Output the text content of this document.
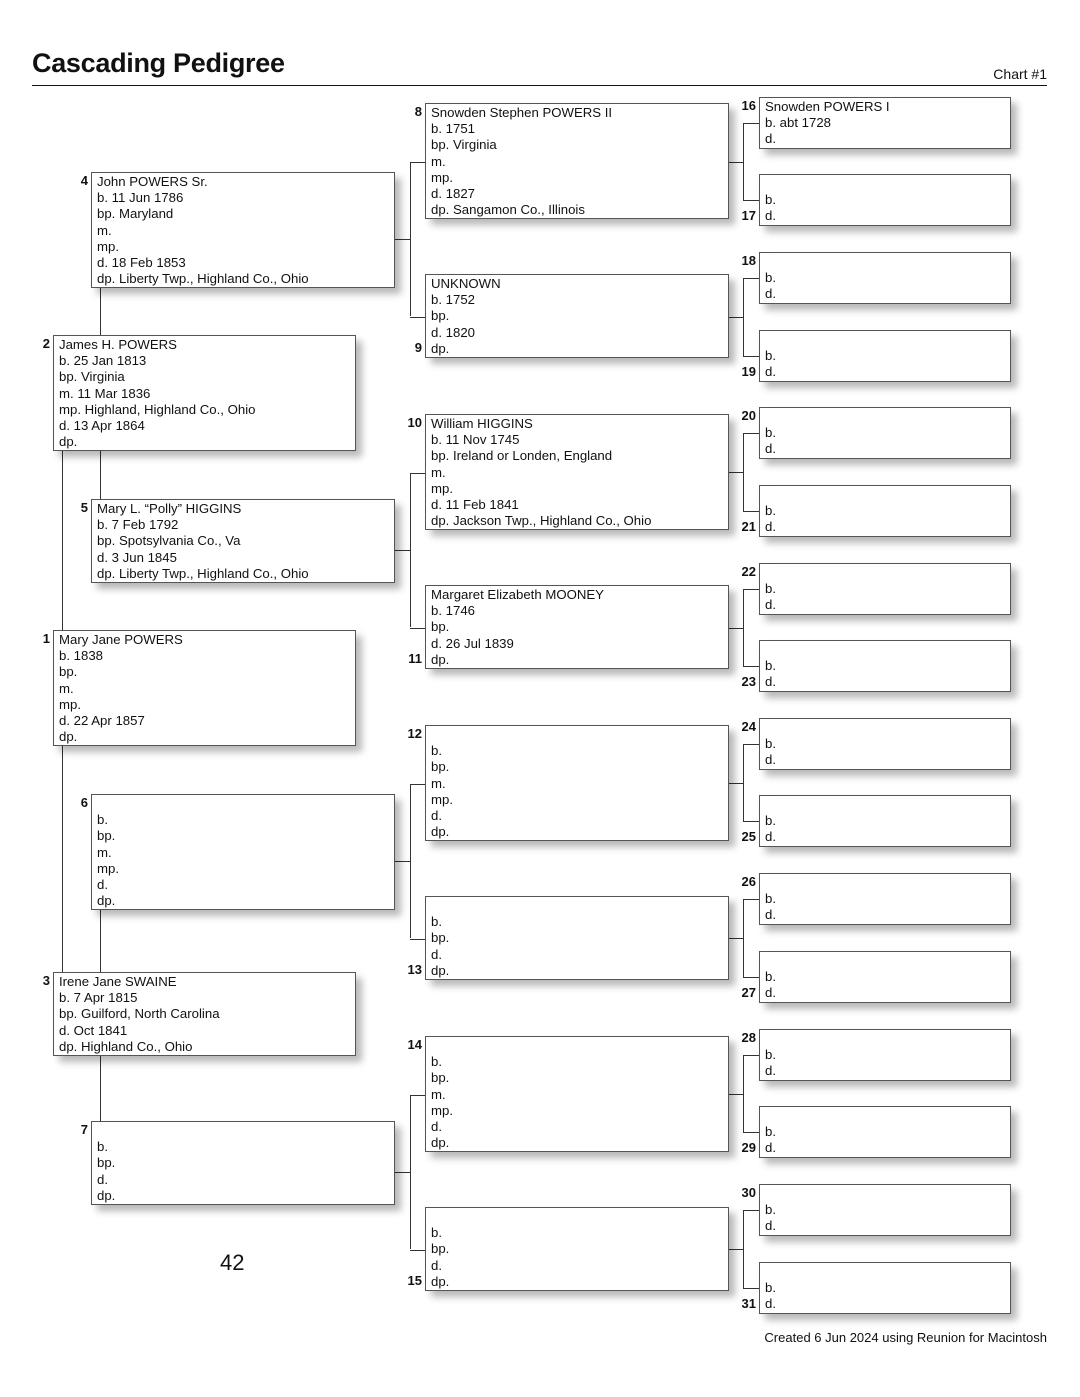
Cascading Pedigree	Chart #1
Mary Jane POWERS
b. 1838
bp.
m.
mp.
d. 22 Apr 1857
dp.
1
James H. POWERS
b. 25 Jan 1813
bp. Virginia
m. 11 Mar 1836
mp. Highland, Highland Co., Ohio
d. 13 Apr 1864
dp.
2
Irene Jane SWAINE
b. 7 Apr 1815
bp. Guilford, North Carolina
d. Oct 1841
dp. Highland Co., Ohio
3
John POWERS Sr.
b. 11 Jun 1786
bp. Maryland
m.
mp.
d. 18 Feb 1853
dp. Liberty Twp., Highland Co., Ohio
4
Mary L. “Polly” HIGGINS
b. 7 Feb 1792
bp. Spotsylvania Co., Va
d. 3 Jun 1845
dp. Liberty Twp., Highland Co., Ohio
5
b.
bp.
m.
mp.
d.
dp.
6
b.
bp.
d.
dp.
7
Snowden Stephen POWERS II
b. 1751
bp. Virginia
m.
mp.
d. 1827
dp. Sangamon Co., Illinois
8
UNKNOWN
b. 1752
bp.
d. 1820
dp.
9
William HIGGINS
b. 11 Nov 1745
bp. Ireland or Londen, England
m.
mp.
d. 11 Feb 1841
dp. Jackson Twp., Highland Co., Ohio
10
Margaret Elizabeth MOONEY
b. 1746
bp.
d. 26 Jul 1839
dp.
11
b.
bp.
m.
mp.
d.
dp.
12
b.
bp.
d.
dp.
13
b.
bp.
m.
mp.
d.
dp.
14
b.
bp.
d.
dp.
15
Snowden POWERS I
b. abt 1728
d.
16
b.
d.
17
b.
d.
18
b.
d.
19
b.
d.
20
b.
d.
21
b.
d.
22
b.
d.
23
b.
d.
24
b.
d.
25
b.
d.
26
b.
d.
27
b.
d.
28
b.
d.
29
b.
d.
30
b.
d.
31
42
Created 6 Jun 2024 using Reunion for Macintosh
